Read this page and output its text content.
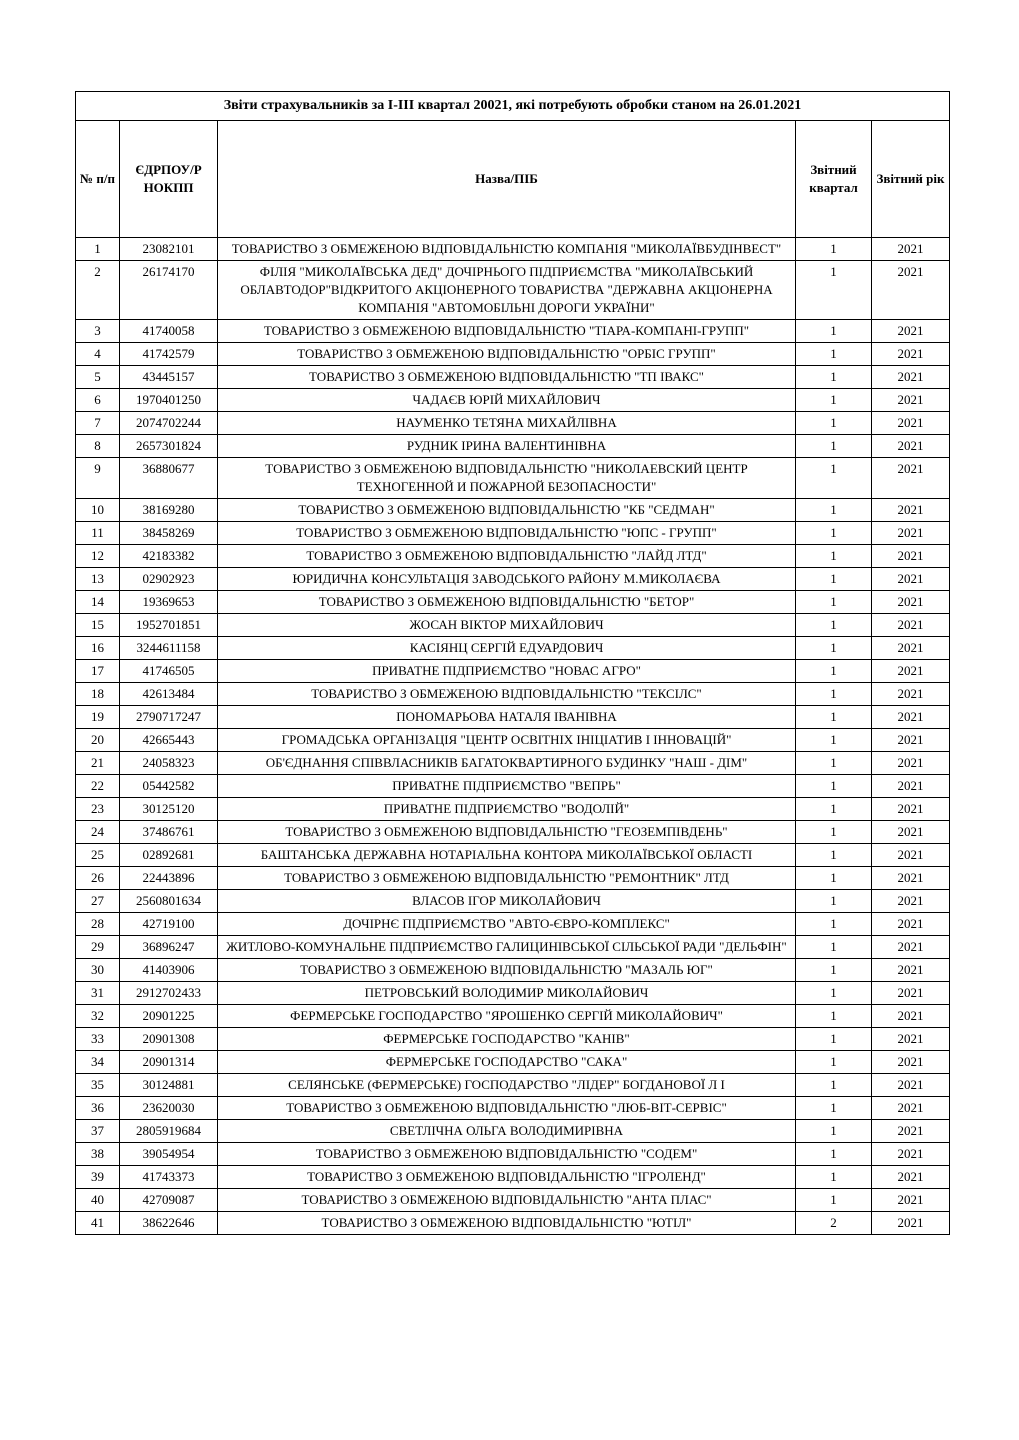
Звіти страхувальників за I-III квартал 20021, які потребують обробки станом на 26.01.2021				
№ п/п	ЄДРПОУ/Р НОКПП	Назва/ПІБ	Звітний квартал	Звітний рік
1	23082101	ТОВАРИСТВО З ОБМЕЖЕНОЮ ВІДПОВІДАЛЬНІСТЮ КОМПАНІЯ "МИКОЛАЇВБУДІНВЕСТ"	1	2021
2	26174170	ФІЛІЯ "МИКОЛАЇВСЬКА ДЕД" ДОЧІРНЬОГО ПІДПРИЄМСТВА "МИКОЛАЇВСЬКИЙ ОБЛАВТОДОР"ВІДКРИТОГО АКЦІОНЕРНОГО ТОВАРИСТВА "ДЕРЖАВНА АКЦІОНЕРНА КОМПАНІЯ "АВТОМОБІЛЬНІ ДОРОГИ УКРАЇНИ"	1	2021
3	41740058	ТОВАРИСТВО З ОБМЕЖЕНОЮ ВІДПОВІДАЛЬНІСТЮ "ТІАРА-КОМПАНІ-ГРУПП"	1	2021
4	41742579	ТОВАРИСТВО З ОБМЕЖЕНОЮ ВІДПОВІДАЛЬНІСТЮ "ОРБІС ГРУПП"	1	2021
5	43445157	ТОВАРИСТВО З ОБМЕЖЕНОЮ ВІДПОВІДАЛЬНІСТЮ "ТП ІВАКС"	1	2021
6	1970401250	ЧАДАЄВ ЮРІЙ МИХАЙЛОВИЧ	1	2021
7	2074702244	НАУМЕНКО ТЕТЯНА МИХАЙЛІВНА	1	2021
8	2657301824	РУДНИК ІРИНА ВАЛЕНТИНІВНА	1	2021
9	36880677	ТОВАРИСТВО З ОБМЕЖЕНОЮ ВІДПОВІДАЛЬНІСТЮ "НИКОЛАЕВСКИЙ ЦЕНТР ТЕХНОГЕННОЙ И ПОЖАРНОЙ БЕЗОПАСНОСТИ"	1	2021
10	38169280	ТОВАРИСТВО З ОБМЕЖЕНОЮ ВІДПОВІДАЛЬНІСТЮ "КБ "СЕДМАН"	1	2021
11	38458269	ТОВАРИСТВО З ОБМЕЖЕНОЮ ВІДПОВІДАЛЬНІСТЮ "ЮПС - ГРУПП"	1	2021
12	42183382	ТОВАРИСТВО З ОБМЕЖЕНОЮ ВІДПОВІДАЛЬНІСТЮ "ЛАЙД ЛТД"	1	2021
13	02902923	ЮРИДИЧНА КОНСУЛЬТАЦІЯ ЗАВОДСЬКОГО РАЙОНУ М.МИКОЛАЄВА	1	2021
14	19369653	ТОВАРИСТВО З ОБМЕЖЕНОЮ ВІДПОВІДАЛЬНІСТЮ "БЕТОР"	1	2021
15	1952701851	ЖОСАН ВІКТОР МИХАЙЛОВИЧ	1	2021
16	3244611158	КАСІЯНЦ СЕРГІЙ ЕДУАРДОВИЧ	1	2021
17	41746505	ПРИВАТНЕ ПІДПРИЄМСТВО "НОВАС АГРО"	1	2021
18	42613484	ТОВАРИСТВО З ОБМЕЖЕНОЮ ВІДПОВІДАЛЬНІСТЮ "ТЕКСІЛС"	1	2021
19	2790717247	ПОНОМАРЬОВА НАТАЛЯ ІВАНІВНА	1	2021
20	42665443	ГРОМАДСЬКА ОРГАНІЗАЦІЯ "ЦЕНТР ОСВІТНІХ ІНІЦІАТИВ І ІННОВАЦІЙ"	1	2021
21	24058323	ОБ'ЄДНАННЯ СПІВВЛАСНИКІВ БАГАТОКВАРТИРНОГО БУДИНКУ "НАШ - ДІМ"	1	2021
22	05442582	ПРИВАТНЕ ПІДПРИЄМСТВО "ВЕПРЬ"	1	2021
23	30125120	ПРИВАТНЕ ПІДПРИЄМСТВО "ВОДОЛІЙ"	1	2021
24	37486761	ТОВАРИСТВО З ОБМЕЖЕНОЮ ВІДПОВІДАЛЬНІСТЮ "ГЕОЗЕМПІВДЕНЬ"	1	2021
25	02892681	БАШТАНСЬКА ДЕРЖАВНА НОТАРІАЛЬНА КОНТОРА МИКОЛАЇВСЬКОЇ ОБЛАСТІ	1	2021
26	22443896	ТОВАРИСТВО З ОБМЕЖЕНОЮ ВІДПОВІДАЛЬНІСТЮ "РЕМОНТНИК" ЛТД	1	2021
27	2560801634	ВЛАСОВ ІГОР МИКОЛАЙОВИЧ	1	2021
28	42719100	ДОЧІРНЄ ПІДПРИЄМСТВО "АВТО-ЄВРО-КОМПЛЕКС"	1	2021
29	36896247	ЖИТЛОВО-КОМУНАЛЬНЕ ПІДПРИЄМСТВО ГАЛИЦИНІВСЬКОЇ СІЛЬСЬКОЇ РАДИ "ДЕЛЬФІН"	1	2021
30	41403906	ТОВАРИСТВО З ОБМЕЖЕНОЮ ВІДПОВІДАЛЬНІСТЮ "МАЗАЛЬ ЮГ"	1	2021
31	2912702433	ПЕТРОВСЬКИЙ ВОЛОДИМИР МИКОЛАЙОВИЧ	1	2021
32	20901225	ФЕРМЕРСЬКЕ ГОСПОДАРСТВО "ЯРОШЕНКО СЕРГІЙ МИКОЛАЙОВИЧ"	1	2021
33	20901308	ФЕРМЕРСЬКЕ ГОСПОДАРСТВО "КАНІВ"	1	2021
34	20901314	ФЕРМЕРСЬКЕ ГОСПОДАРСТВО "САКА"	1	2021
35	30124881	СЕЛЯНСЬКЕ (ФЕРМЕРСЬКЕ) ГОСПОДАРСТВО "ЛІДЕР" БОГДАНОВОЇ Л І	1	2021
36	23620030	ТОВАРИСТВО З ОБМЕЖЕНОЮ ВІДПОВІДАЛЬНІСТЮ "ЛЮБ-ВІТ-СЕРВІС"	1	2021
37	2805919684	СВЕТЛІЧНА ОЛЬГА ВОЛОДИМИРІВНА	1	2021
38	39054954	ТОВАРИСТВО З ОБМЕЖЕНОЮ ВІДПОВІДАЛЬНІСТЮ "СОДЕМ"	1	2021
39	41743373	ТОВАРИСТВО З ОБМЕЖЕНОЮ ВІДПОВІДАЛЬНІСТЮ "ІГРОЛЕНД"	1	2021
40	42709087	ТОВАРИСТВО З ОБМЕЖЕНОЮ ВІДПОВІДАЛЬНІСТЮ "АНТА ПЛАС"	1	2021
41	38622646	ТОВАРИСТВО З ОБМЕЖЕНОЮ ВІДПОВІДАЛЬНІСТЮ "ЮТІЛ"	2	2021
